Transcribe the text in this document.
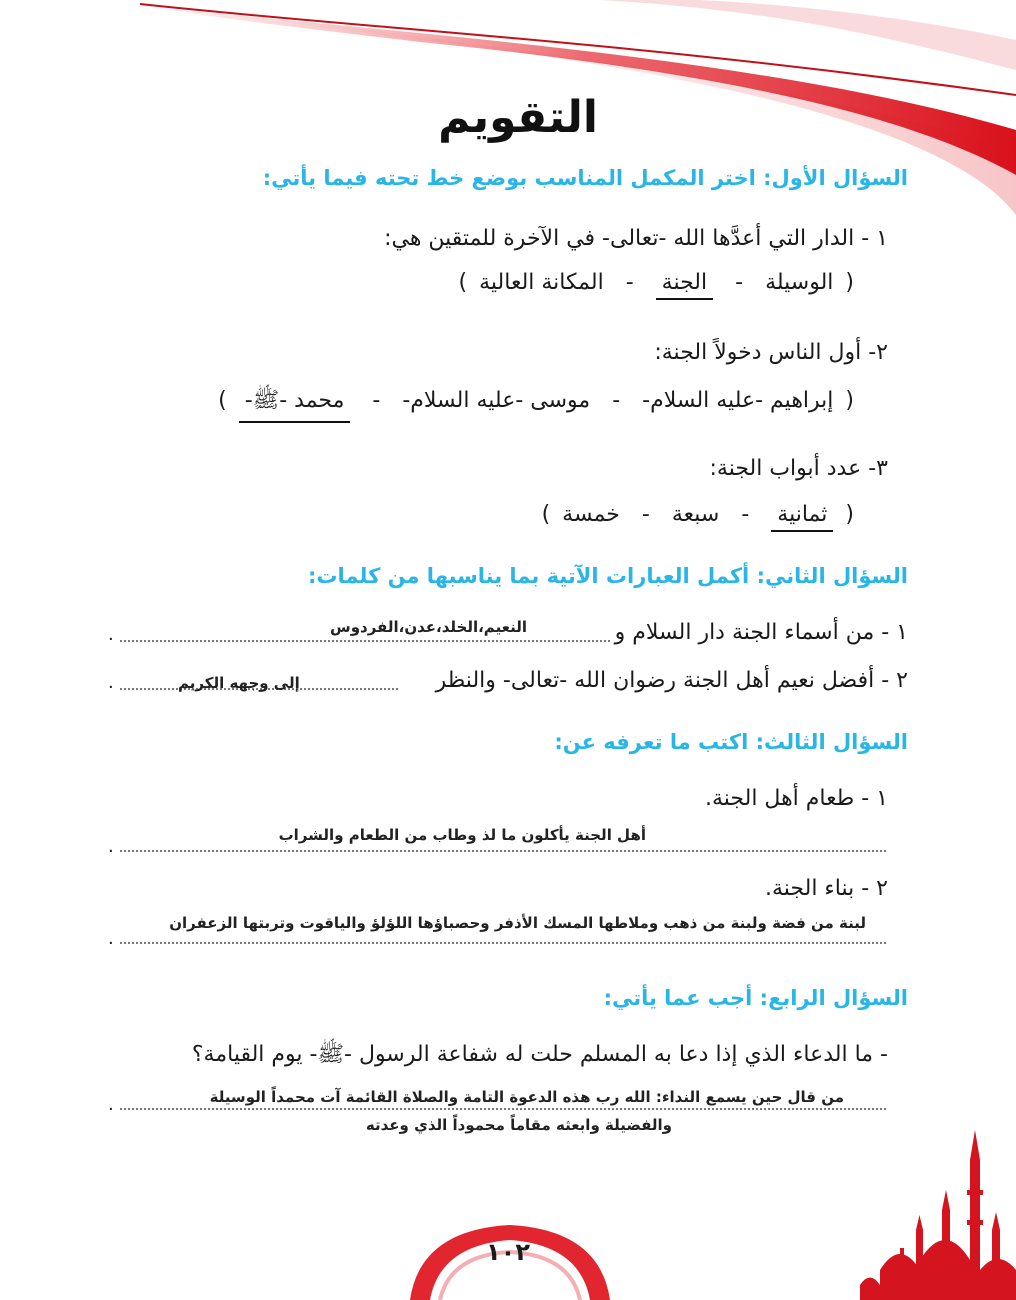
التقويم
السؤال الأول: اختر المكمل المناسب بوضع خط تحته فيما يأتي:
١ - الدار التي أعدَّها الله -تعالى- في الآخرة للمتقين هي:
(
الوسيلة
-
الجنة
-
المكانة العالية
)
٢- أول الناس دخولاً الجنة:
(
إبراهيم -عليه السلام-
-
موسى -عليه السلام-
-
محمد -ﷺ-
)
٣- عدد أبواب الجنة:
(
ثمانية
-
سبعة
-
خمسة
)
السؤال الثاني: أكمل العبارات الآتية بما يناسبها من كلمات:
١ - من أسماء الجنة دار السلام و
النعيم،الخلد،عدن،الفردوس
.
٢ - أفضل نعيم أهل الجنة رضوان الله -تعالى- والنظر
إلى وجهه الكريم
.
السؤال الثالث: اكتب ما تعرفه عن:
١ - طعام أهل الجنة.
أهل الجنة يأكلون ما لذ وطاب من الطعام والشراب
.
٢ - بناء الجنة.
لبنة من فضة ولبنة من ذهب وملاطها المسك الأذفر وحصباؤها اللؤلؤ والياقوت وتربتها الزعفران
.
السؤال الرابع: أجب عما يأتي:
- ما الدعاء الذي إذا دعا به المسلم حلت له شفاعة الرسول -ﷺ- يوم القيامة؟
من قال حين يسمع النداء: الله رب هذه الدعوة التامة والصلاة القائمة آت محمداً الوسيلة
.
والفضيلة وابعثه مقاماً محموداً الذي وعدته
١٠٢
